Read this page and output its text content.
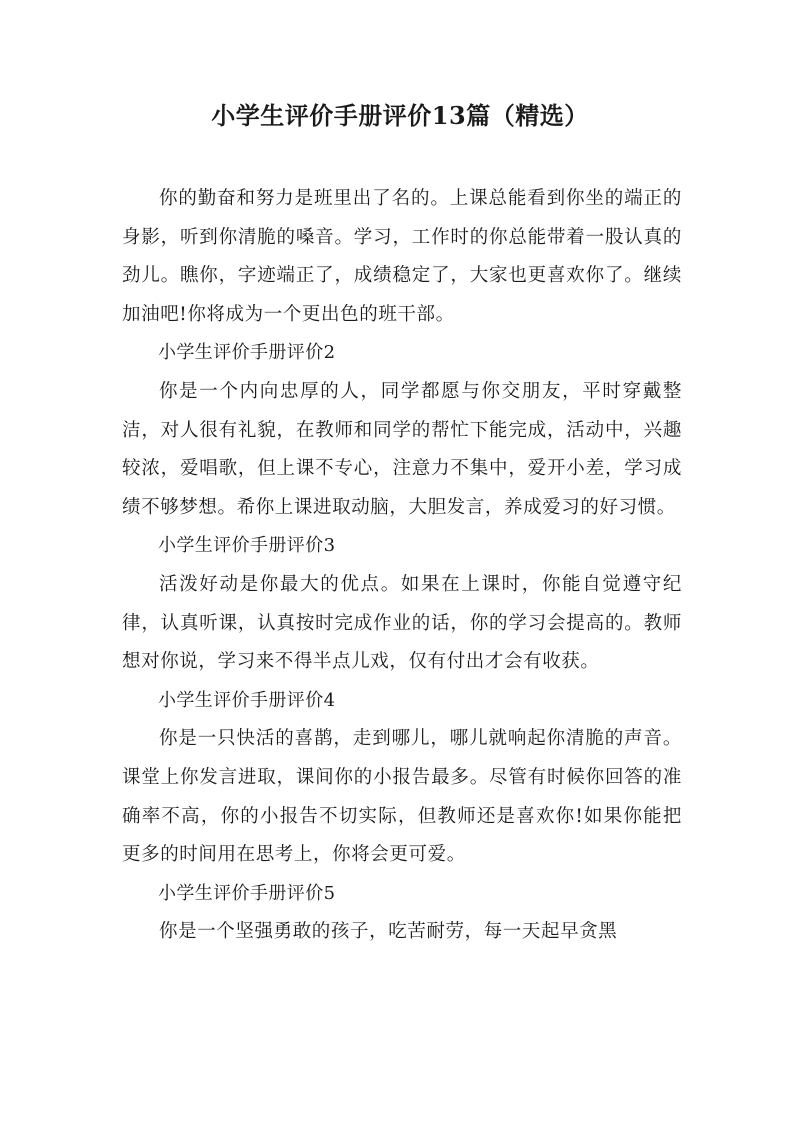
小学生评价手册评价13篇（精选）

你的勤奋和努力是班里出了名的。上课总能看到你坐的端正的身影，听到你清脆的嗓音。学习，工作时的你总能带着一股认真的劲儿。瞧你，字迹端正了，成绩稳定了，大家也更喜欢你了。继续加油吧!你将成为一个更出色的班干部。

小学生评价手册评价2

你是一个内向忠厚的人，同学都愿与你交朋友，平时穿戴整洁，对人很有礼貌，在教师和同学的帮忙下能完成，活动中，兴趣较浓，爱唱歌，但上课不专心，注意力不集中，爱开小差，学习成绩不够梦想。希你上课进取动脑，大胆发言，养成爱习的好习惯。

小学生评价手册评价3

活泼好动是你最大的优点。如果在上课时，你能自觉遵守纪律，认真听课，认真按时完成作业的话，你的学习会提高的。教师想对你说，学习来不得半点儿戏，仅有付出才会有收获。

小学生评价手册评价4

你是一只快活的喜鹊，走到哪儿，哪儿就响起你清脆的声音。课堂上你发言进取，课间你的小报告最多。尽管有时候你回答的准确率不高，你的小报告不切实际，但教师还是喜欢你!如果你能把更多的时间用在思考上，你将会更可爱。

小学生评价手册评价5

你是一个坚强勇敢的孩子，吃苦耐劳，每一天起早贪黑
